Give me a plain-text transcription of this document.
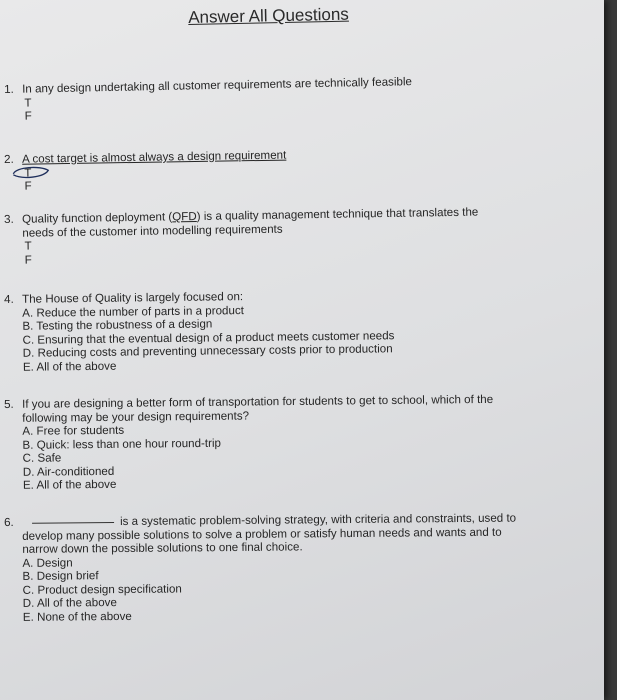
Answer All Questions
1. In any design undertaking all customer requirements are technically feasible
T
F
2. A cost target is almost always a design requirement
T
F
3. Quality function deployment (QFD) is a quality management technique that translates the
needs of the customer into modelling requirements
T
F
4. The House of Quality is largely focused on:
A. Reduce the number of parts in a product
B. Testing the robustness of a design
C. Ensuring that the eventual design of a product meets customer needs
D. Reducing costs and preventing unnecessary costs prior to production
E. All of the above
5. If you are designing a better form of transportation for students to get to school, which of the
following may be your design requirements?
A. Free for students
B. Quick: less than one hour round-trip
C. Safe
D. Air-conditioned
E. All of the above
6.	is a systematic problem-solving strategy, with criteria and constraints, used to
develop many possible solutions to solve a problem or satisfy human needs and wants and to
narrow down the possible solutions to one final choice.
A. Design
B. Design brief
C. Product design specification
D. All of the above
E. None of the above
